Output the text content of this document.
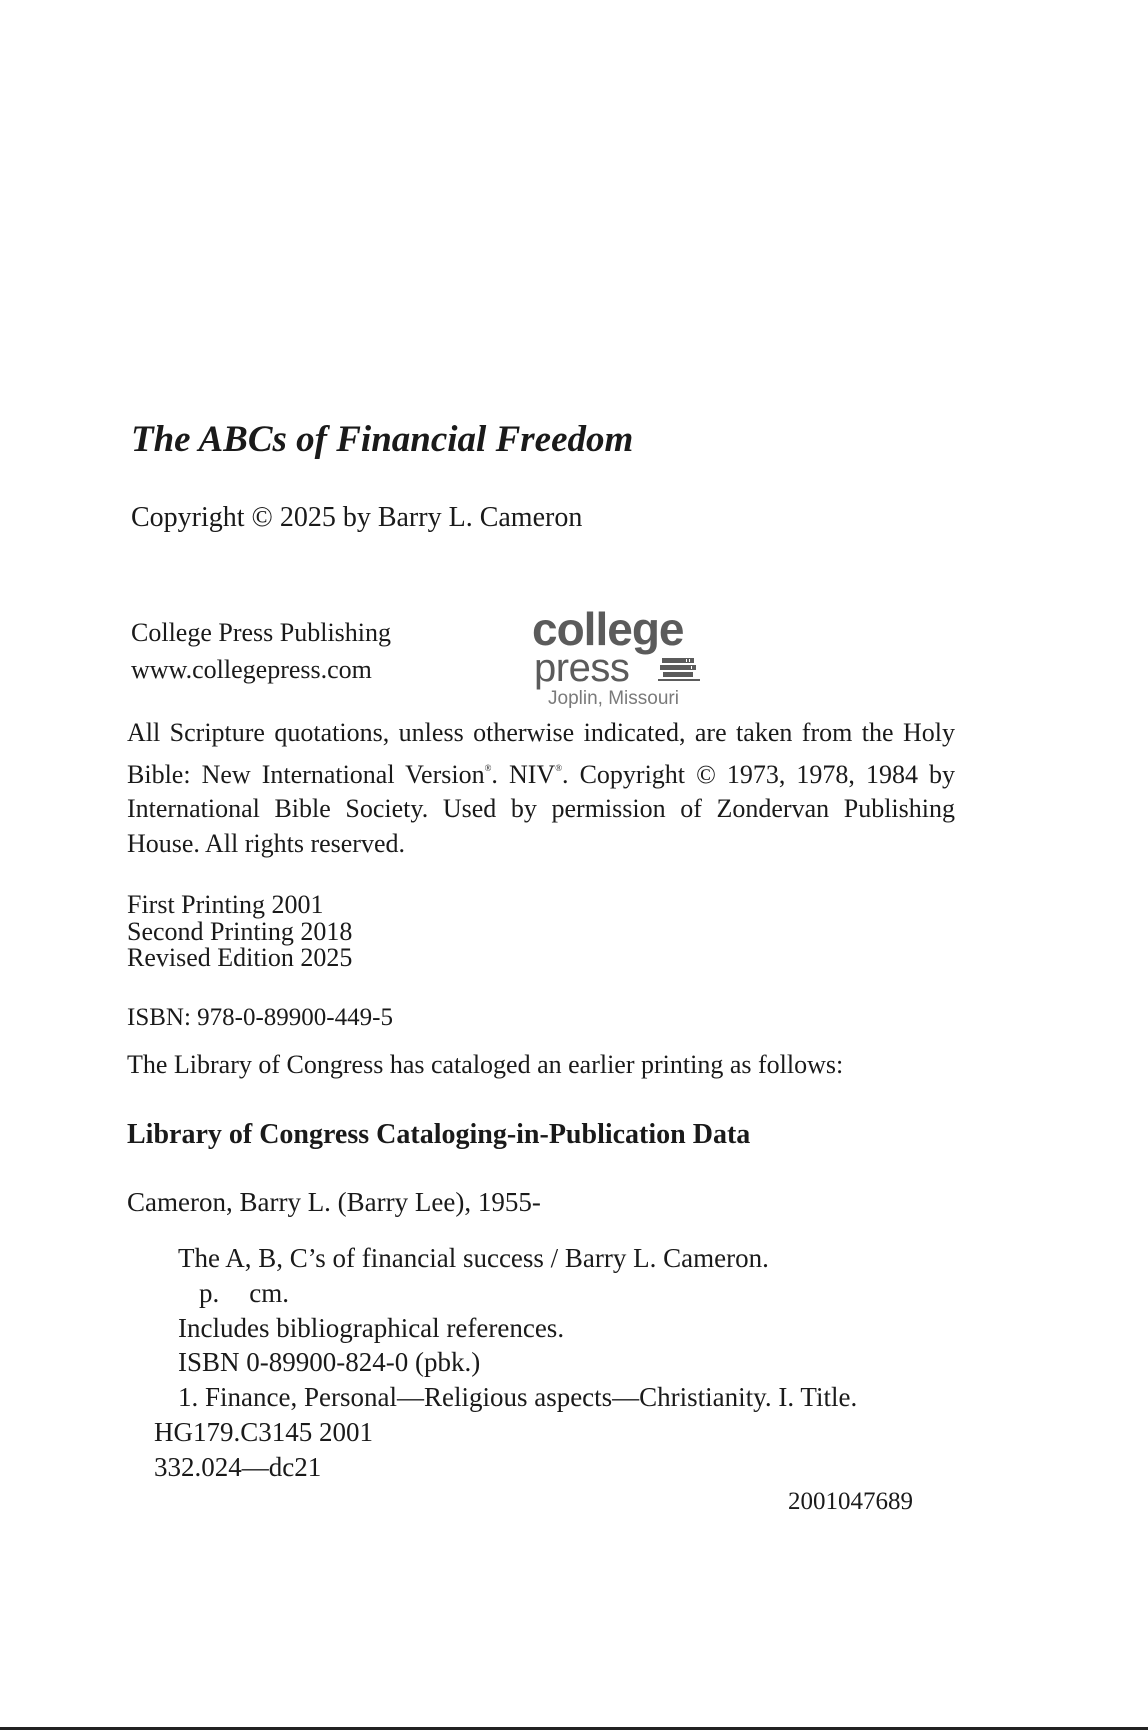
The ABCs of Financial Freedom
Copyright © 2025 by Barry L. Cameron
College Press Publishing
www.collegepress.com
college
press
Joplin, Missouri
All Scripture quotations, unless otherwise indicated, are taken from the Holy Bible: New International Version®. NIV®. Copyright © 1973, 1978, 1984 by International Bible Society. Used by permission of Zondervan Publishing House. All rights reserved.
First Printing 2001
Second Printing 2018
Revised Edition 2025
ISBN: 978-0-89900-449-5
The Library of Congress has cataloged an earlier printing as follows:
Library of Congress Cataloging-in-Publication Data
Cameron, Barry L. (Barry Lee), 1955-
The A, B, C’s of financial success / Barry L. Cameron.
p. cm.
Includes bibliographical references.
ISBN 0-89900-824-0 (pbk.)
1. Finance, Personal—Religious aspects—Christianity. I. Title.
HG179.C3145 2001
332.024—dc21
2001047689
